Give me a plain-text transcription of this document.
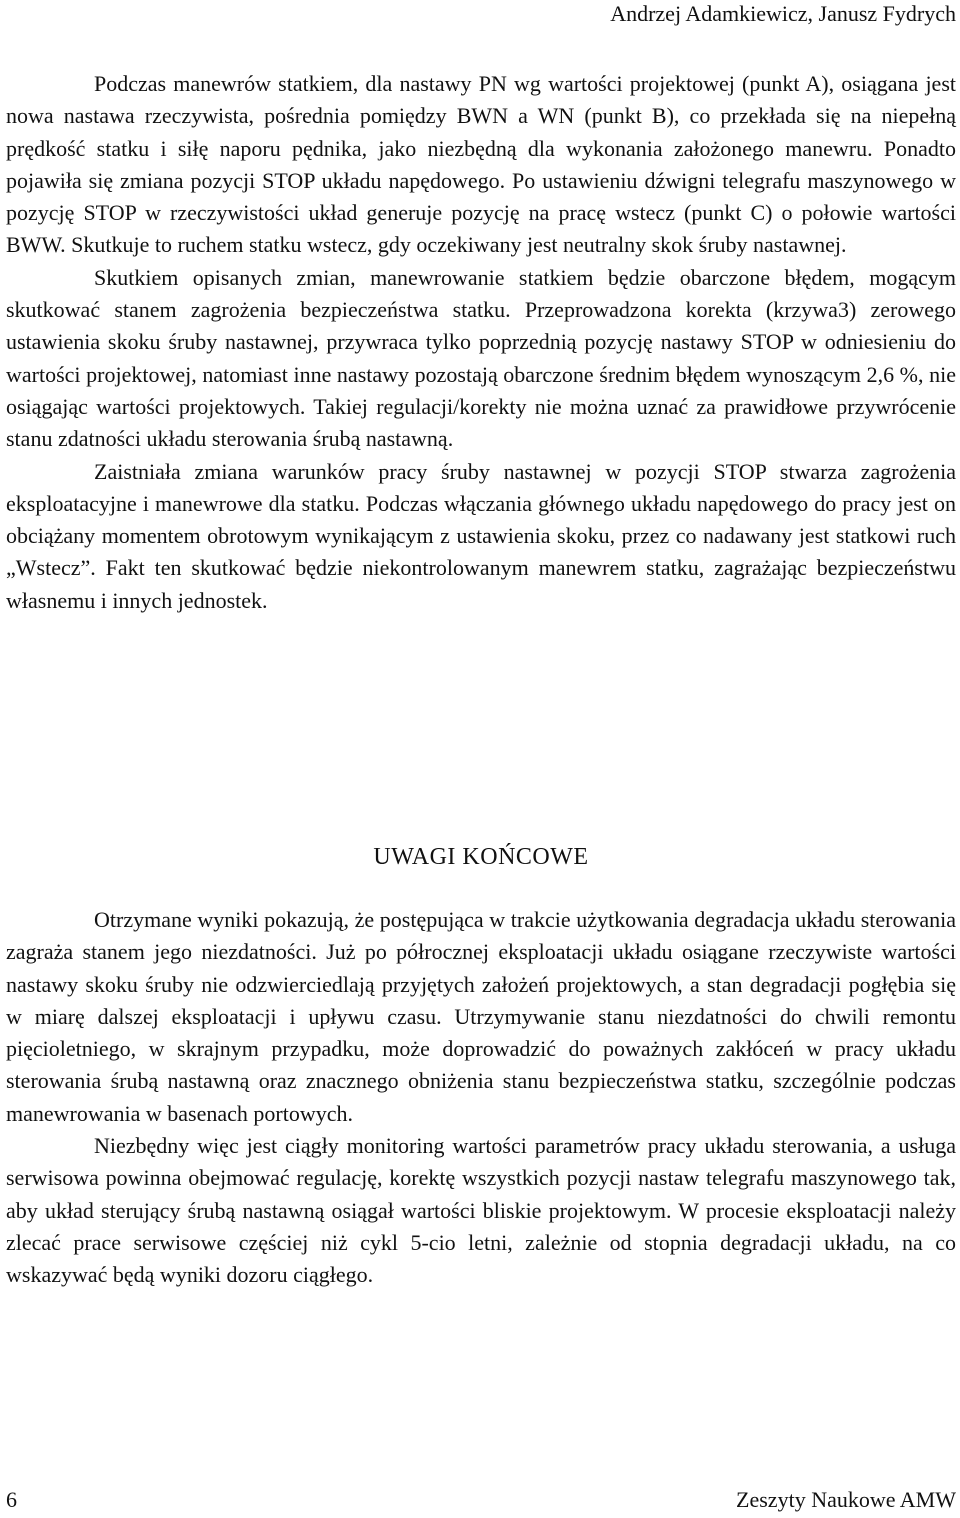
Andrzej Adamkiewicz, Janusz Fydrych

Podczas manewrów statkiem, dla nastawy PN wg wartości projektowej (punkt A), osiągana jest nowa nastawa rzeczywista, pośrednia pomiędzy BWN a WN (punkt B), co przekłada się na niepełną prędkość statku i siłę naporu pędnika, jako niezbędną dla wykonania założonego manewru. Ponadto pojawiła się zmiana pozycji STOP układu napędowego. Po ustawieniu dźwigni telegrafu maszynowego w pozycję STOP w rzeczywistości układ generuje pozycję na pracę wstecz (punkt C) o połowie wartości BWW. Skutkuje to ruchem statku wstecz, gdy oczekiwany jest neutralny skok śruby nastawnej.

Skutkiem opisanych zmian, manewrowanie statkiem będzie obarczone błędem, mogącym skutkować stanem zagrożenia bezpieczeństwa statku. Przeprowadzona korekta (krzywa3) zerowego ustawienia skoku śruby nastawnej, przywraca tylko poprzednią pozycję nastawy STOP w odniesieniu do wartości projektowej, natomiast inne nastawy pozostają obarczone średnim błędem wynoszącym 2,6 %, nie osiągając wartości projektowych. Takiej regulacji/korekty nie można uznać za prawidłowe przywrócenie stanu zdatności układu sterowania śrubą nastawną.

Zaistniała zmiana warunków pracy śruby nastawnej w pozycji STOP stwarza zagrożenia eksploatacyjne i manewrowe dla statku. Podczas włączania głównego układu napędowego do pracy jest on obciążany momentem obrotowym wynikającym z ustawienia skoku, przez co nadawany jest statkowi ruch „Wstecz”. Fakt ten skutkować będzie niekontrolowanym manewrem statku, zagrażając bezpieczeństwu własnemu i innych jednostek.

UWAGI KOŃCOWE

Otrzymane wyniki pokazują, że postępująca w trakcie użytkowania degradacja układu sterowania zagraża stanem jego niezdatności. Już po półrocznej eksploatacji układu osiągane rzeczywiste wartości nastawy skoku śruby nie odzwierciedlają przyjętych założeń projektowych, a stan degradacji pogłębia się w miarę dalszej eksploatacji i upływu czasu. Utrzymywanie stanu niezdatności do chwili remontu pięcioletniego, w skrajnym przypadku, może doprowadzić do poważnych zakłóceń w pracy układu sterowania śrubą nastawną oraz znacznego obniżenia stanu bezpieczeństwa statku, szczególnie podczas manewrowania w basenach portowych.

Niezbędny więc jest ciągły monitoring wartości parametrów pracy układu sterowania, a usługa serwisowa powinna obejmować regulację, korektę wszystkich pozycji nastaw telegrafu maszynowego tak, aby układ sterujący śrubą nastawną osiągał wartości bliskie projektowym. W procesie eksploatacji należy zlecać prace serwisowe częściej niż cykl 5-cio letni, zależnie od stopnia degradacji układu, na co wskazywać będą wyniki dozoru ciągłego.

6	Zeszyty Naukowe AMW
